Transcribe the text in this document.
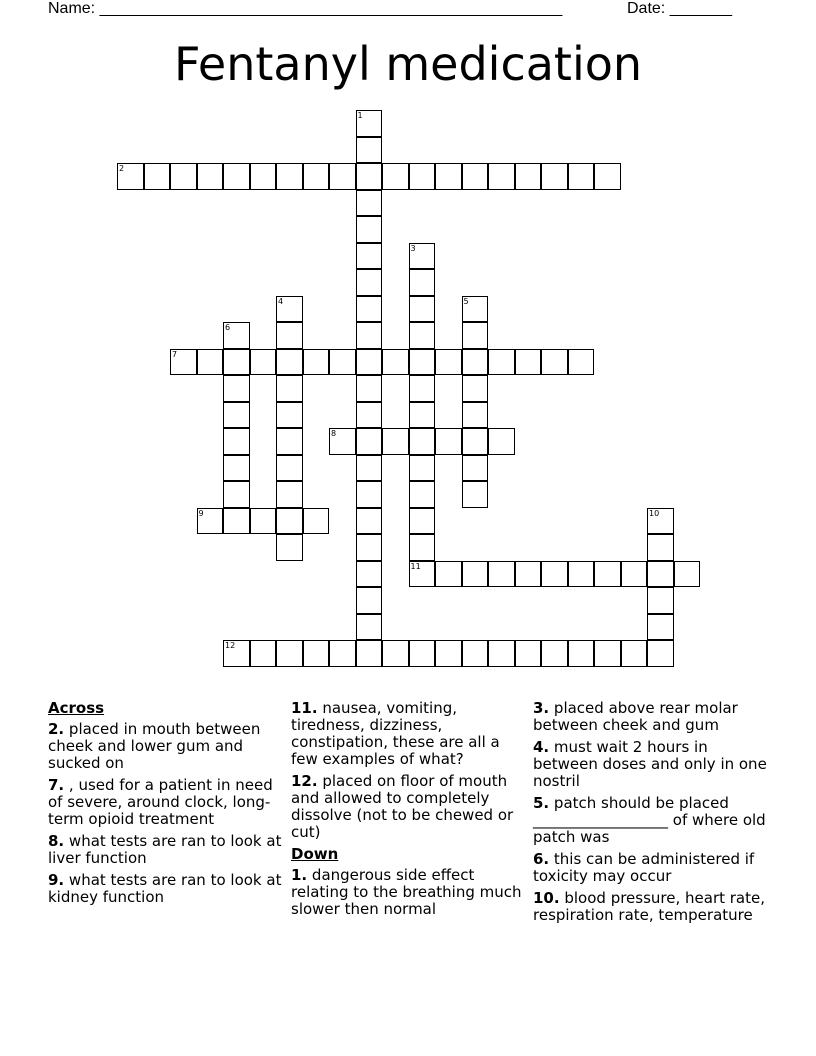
Name: ____________________________________________________	Date: _______
Fentanyl medication
1
2
3
4	5
6
7
8
9	10
11
12
Across
2. placed in mouth between cheek and lower gum and sucked on
7. , used for a patient in need of severe, around clock, long-term opioid treatment
8. what tests are ran to look at liver function
9. what tests are ran to look at kidney function
11. nausea, vomiting, tiredness, dizziness, constipation, these are all a few examples of what?
12. placed on floor of mouth and allowed to completely dissolve (not to be chewed or cut)
Down
1. dangerous side effect relating to the breathing much slower then normal
3. placed above rear molar between cheek and gum
4. must wait 2 hours in between doses and only in one nostril
5. patch should be placed __________________ of where old patch was
6. this can be administered if toxicity may occur
10. blood pressure, heart rate, respiration rate, temperature
